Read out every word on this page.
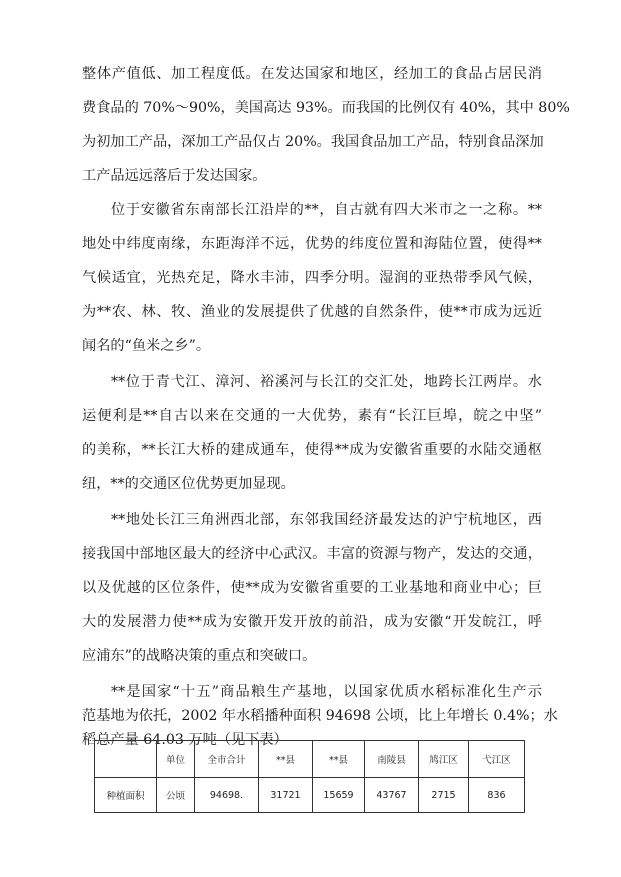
整体产值低、加工程度低。在发达国家和地区，经加工的食品占居民消
费食品的 70%～90%，美国高达 93%。而我国的比例仅有 40%，其中 80%
为初加工产品，深加工产品仅占 20%。我国食品加工产品，特别食品深加
工产品远远落后于发达国家。
位于安徽省东南部长江沿岸的**，自古就有四大米市之一之称。**
地处中纬度南缘，东距海洋不远，优势的纬度位置和海陆位置，使得**
气候适宜，光热充足，降水丰沛，四季分明。湿润的亚热带季风气候，
为**农、林、牧、渔业的发展提供了优越的自然条件，使**市成为远近
闻名的“鱼米之乡”。
**位于青弋江、漳河、裕溪河与长江的交汇处，地跨长江两岸。水
运便利是**自古以来在交通的一大优势，素有“长江巨埠，皖之中坚”
的美称，**长江大桥的建成通车，使得**成为安徽省重要的水陆交通枢
纽，**的交通区位优势更加显现。
**地处长江三角洲西北部，东邻我国经济最发达的沪宁杭地区，西
接我国中部地区最大的经济中心武汉。丰富的资源与物产，发达的交通，
以及优越的区位条件，使**成为安徽省重要的工业基地和商业中心；巨
大的发展潜力使**成为安徽开发开放的前沿，成为安徽“开发皖江，呼
应浦东”的战略决策的重点和突破口。
**是国家“十五”商品粮生产基地，以国家优质水稻标准化生产示
范基地为依托，2002 年水稻播种面积 94698 公顷，比上年增长 0.4%；水
稻总产量 64.03 万吨（见下表）
	单位	全市合计	**县	**县	南陵县	鸠江区	弋江区
种植面积	公顷	94698.	31721	15659	43767	2715	836
